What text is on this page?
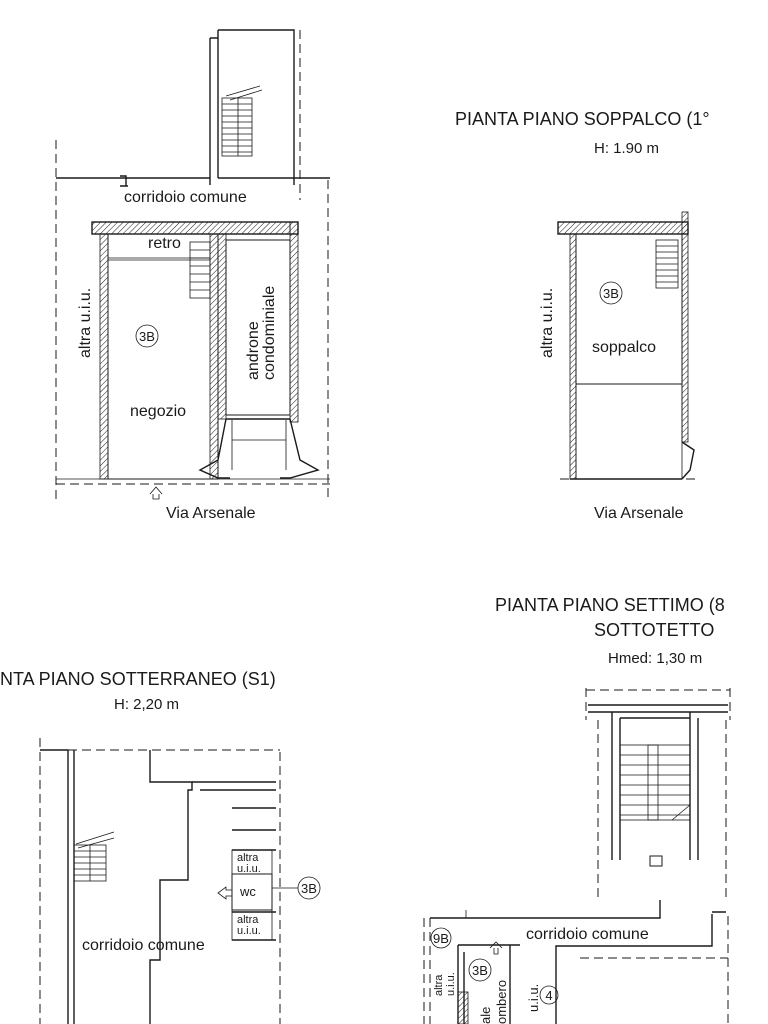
corridoio comune
retro
altra u.i.u.	3B	androne condominiale
negozio
Via Arsenale
PIANTA PIANO SOPPALCO (1°
H: 1.90 m
altra u.i.u.	3B
soppalco
Via Arsenale
NTA PIANO SOTTERRANEO (S1)
H: 2,20 m
altra
u.i.u.
wc
altra
u.i.u.
3B
corridoio comune
PIANTA PIANO SETTIMO (8
SOTTOTETTO
Hmed: 1,30 m
corridoio comune
9B
altra u.i.u.
3B
ale ombero u.i.u. 4
